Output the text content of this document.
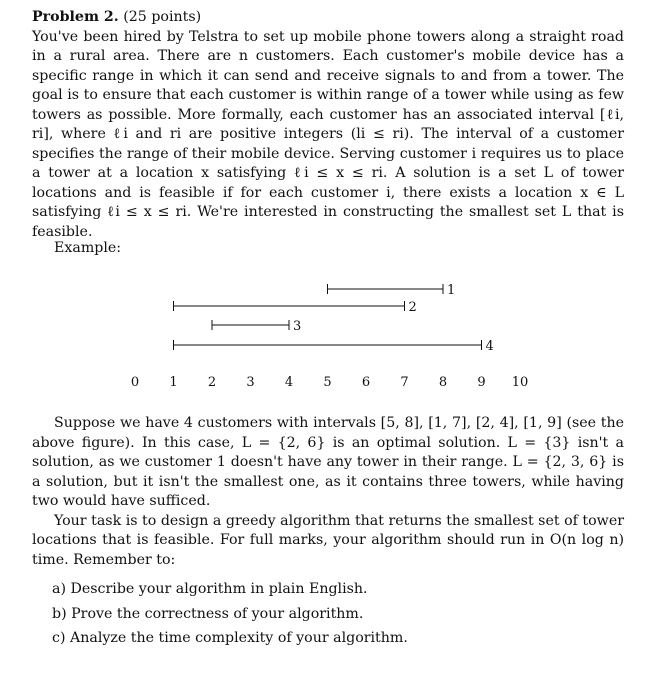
Problem 2. (25 points)
You've been hired by Telstra to set up mobile phone towers along a straight road in a rural area. There are n customers. Each customer's mobile device has a specific range in which it can send and receive signals to and from a tower. The goal is to ensure that each customer is within range of a tower while using as few towers as possible. More formally, each customer has an associated interval [ℓi, ri], where ℓi and ri are positive integers (li ≤ ri). The interval of a customer specifies the range of their mobile device. Serving customer i requires us to place a tower at a location x satisfying ℓi ≤ x ≤ ri. A solution is a set L of tower locations and is feasible if for each customer i, there exists a location x ∈ L satisfying ℓi ≤ x ≤ ri. We're interested in constructing the smallest set L that is feasible.

Example:
1
2
3
4
0 1 2 3 4 5 6 7 8 9 10

Suppose we have 4 customers with intervals [5, 8], [1, 7], [2, 4], [1, 9] (see the above figure). In this case, L = {2, 6} is an optimal solution. L = {3} isn't a solution, as we customer 1 doesn't have any tower in their range. L = {2, 3, 6} is a solution, but it isn't the smallest one, as it contains three towers, while having two would have sufficed.
Your task is to design a greedy algorithm that returns the smallest set of tower locations that is feasible. For full marks, your algorithm should run in O(n log n) time. Remember to:

a) Describe your algorithm in plain English.
b) Prove the correctness of your algorithm.
c) Analyze the time complexity of your algorithm.
